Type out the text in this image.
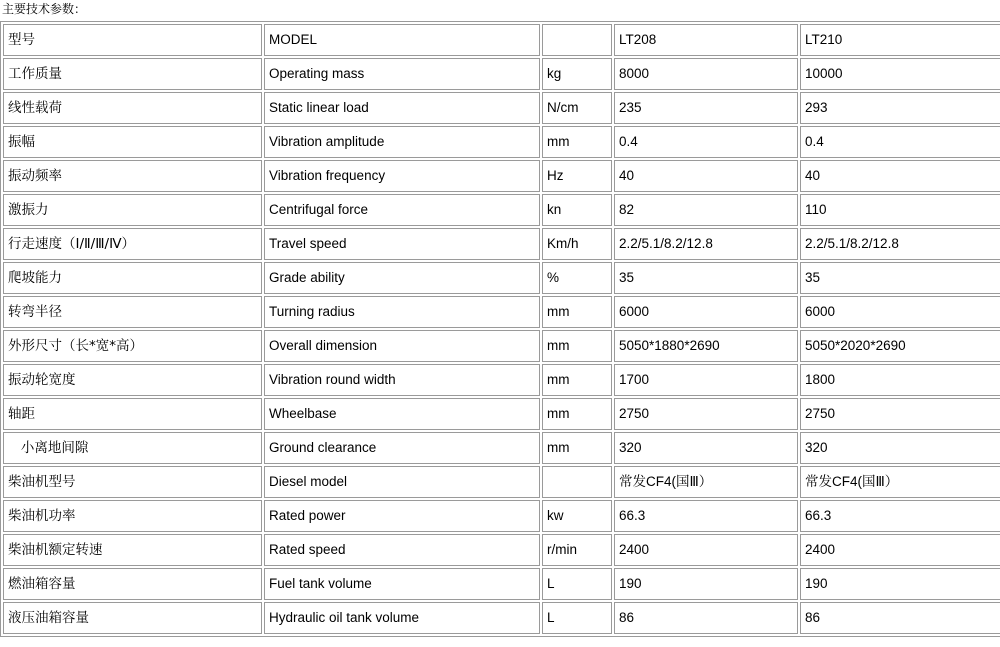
主要技术参数：
型号	MODEL		LT208	LT210
工作质量	Operating mass	kg	8000	10000
线性载荷	Static linear load	N/cm	235	293
振幅	Vibration amplitude	mm	0.4	0.4
振动频率	Vibration frequency	Hz	40	40
激振力	Centrifugal force	kn	82	110
行走速度（Ⅰ/Ⅱ/Ⅲ/Ⅳ）	Travel speed	Km/h	2.2/5.1/8.2/12.8	2.2/5.1/8.2/12.8
爬坡能力	Grade ability	%	35	35
转弯半径	Turning radius	mm	6000	6000
外形尺寸（长*宽*高）	Overall dimension	mm	5050*1880*2690	5050*2020*2690
振动轮宽度	Vibration round width	mm	1700	1800
轴距	Wheelbase	mm	2750	2750
小离地间隙	Ground clearance	mm	320	320
柴油机型号	Diesel model		常发CF4(国Ⅲ）	常发CF4(国Ⅲ）
柴油机功率	Rated power	kw	66.3	66.3
柴油机额定转速	Rated speed	r/min	2400	2400
燃油箱容量	Fuel tank volume	L	190	190
液压油箱容量	Hydraulic oil tank volume	L	86	86
